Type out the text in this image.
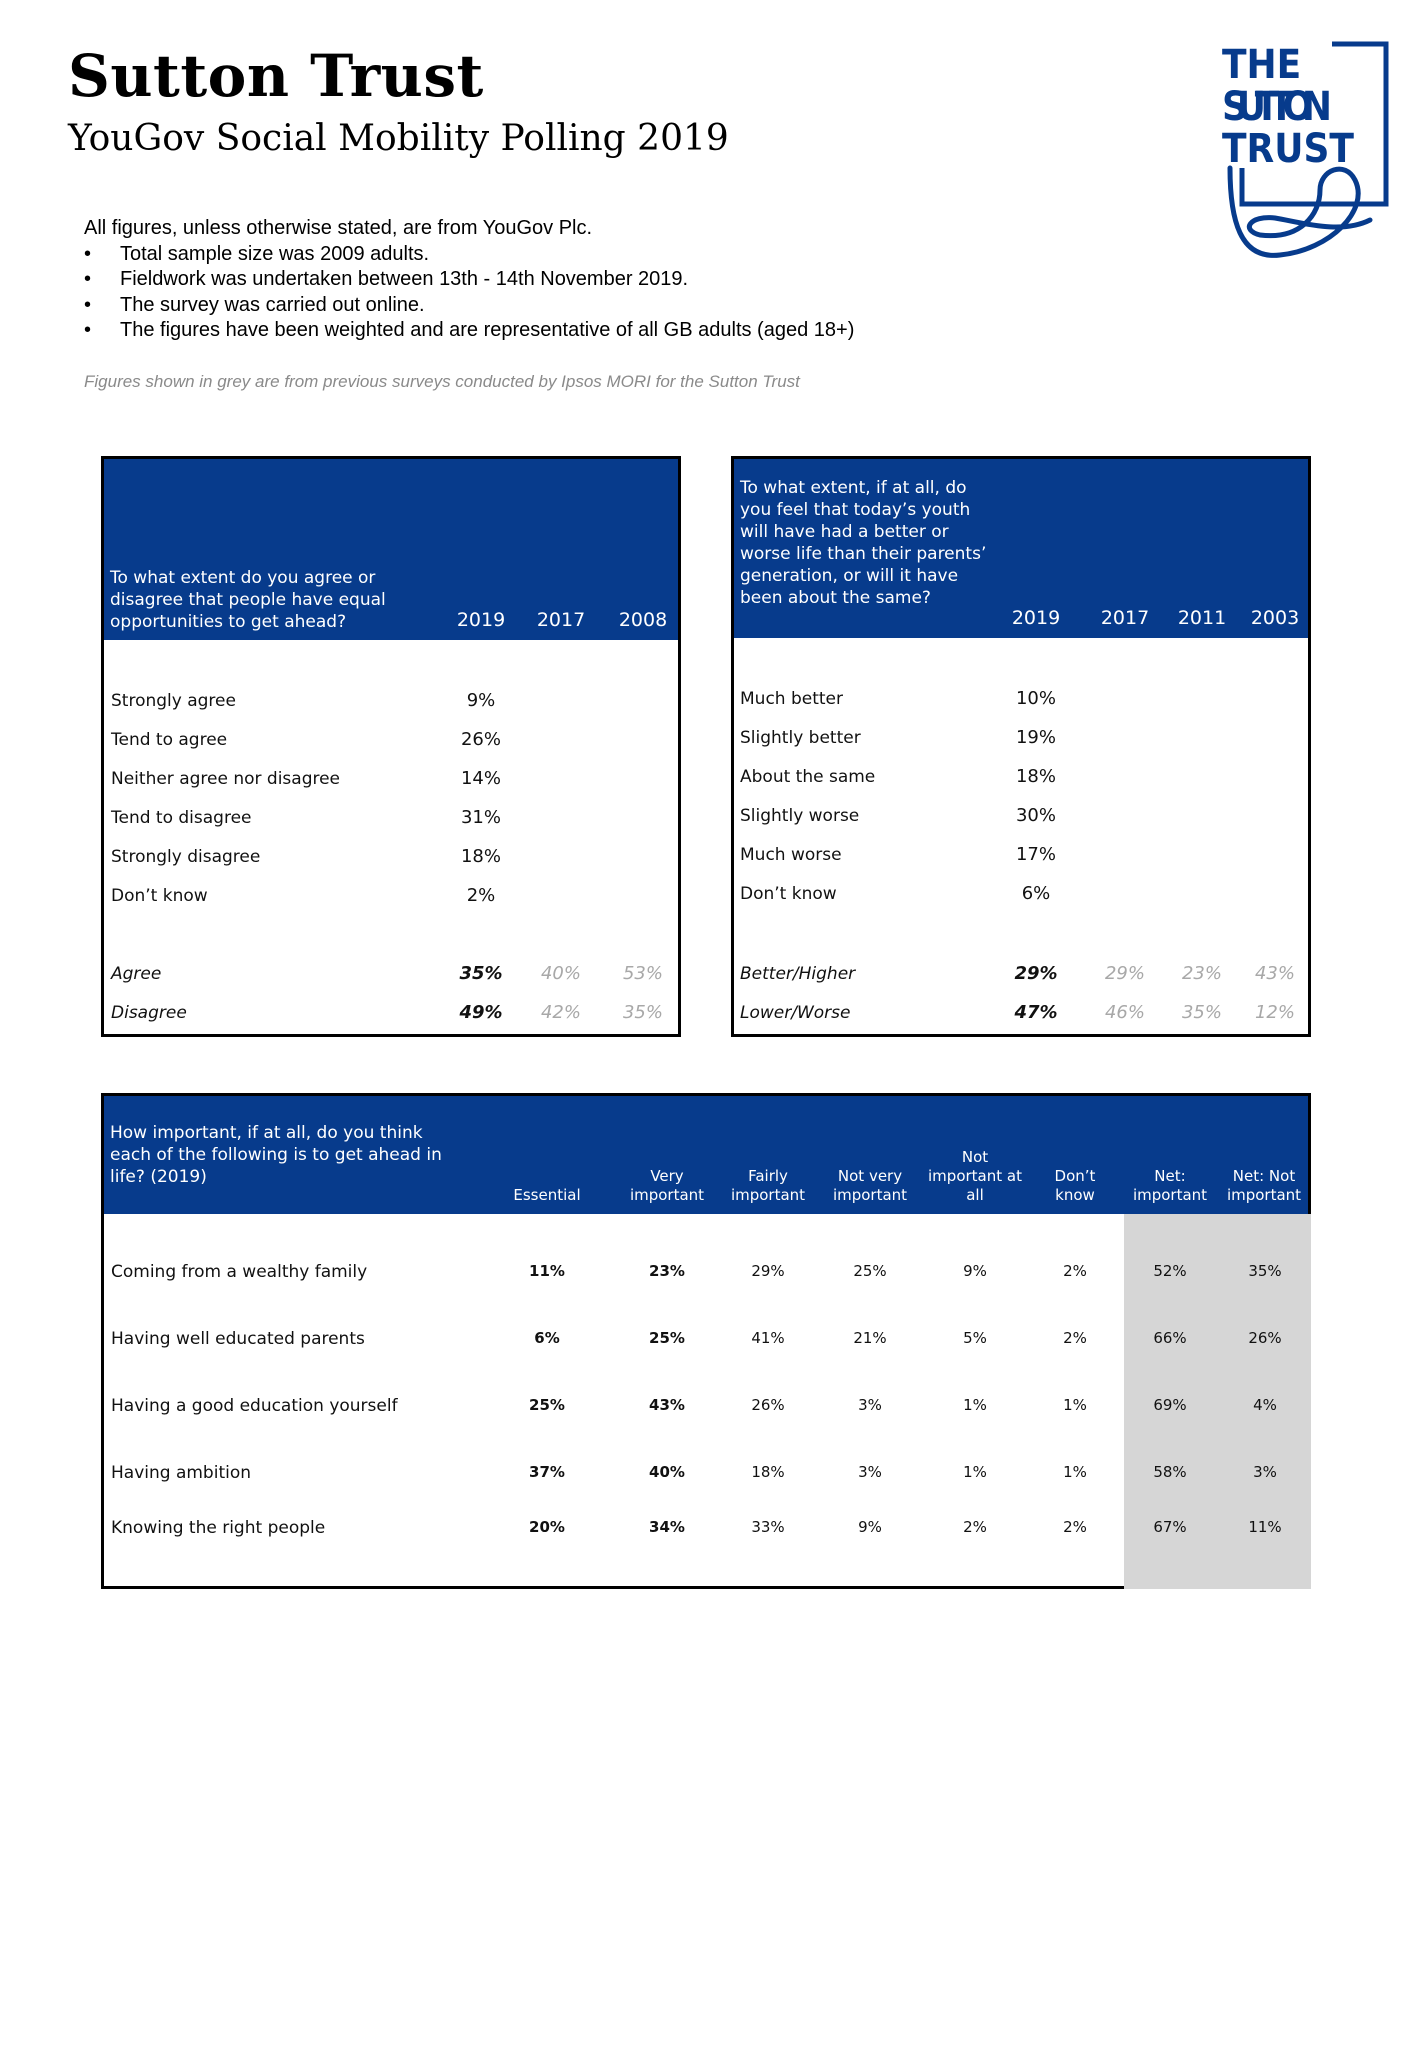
Sutton Trust
YouGov Social Mobility Polling 2019
THE
SUTTON
TRUST
All figures, unless otherwise stated, are from YouGov Plc.
• Total sample size was 2009 adults.
• Fieldwork was undertaken between 13th - 14th November 2019.
• The survey was carried out online.
• The figures have been weighted and are representative of all GB adults (aged 18+)
Figures shown in grey are from previous surveys conducted by Ipsos MORI for the Sutton Trust
To what extent do you agree or disagree that people have equal opportunities to get ahead?	2019	2017	2008
Strongly agree	9%
Tend to agree	26%
Neither agree nor disagree	14%
Tend to disagree	31%
Strongly disagree	18%
Don’t know	2%
Agree	35%	40%	53%
Disagree	49%	42%	35%
To what extent, if at all, do you feel that today’s youth will have had a better or worse life than their parents’ generation, or will it have been about the same?
2019	2017	2011	2003
Much better	10%
Slightly better	19%
About the same	18%
Slightly worse	30%
Much worse	17%
Don’t know	6%
Better/Higher	29%	29%	23%	43%
Lower/Worse	47%	46%	35%	12%
How important, if at all, do you think each of the following is to get ahead in life? (2019)
Essential
Very important
Fairly important
Not very important
Not important at all
Don’t know
Net: important
Net: Not important
Coming from a wealthy family	11%	23%	29%	25%	9%	2%	52%	35%
Having well educated parents	6%	25%	41%	21%	5%	2%	66%	26%
Having a good education yourself	25%	43%	26%	3%	1%	1%	69%	4%
Having ambition	37%	40%	18%	3%	1%	1%	58%	3%
Knowing the right people	20%	34%	33%	9%	2%	2%	67%	11%
